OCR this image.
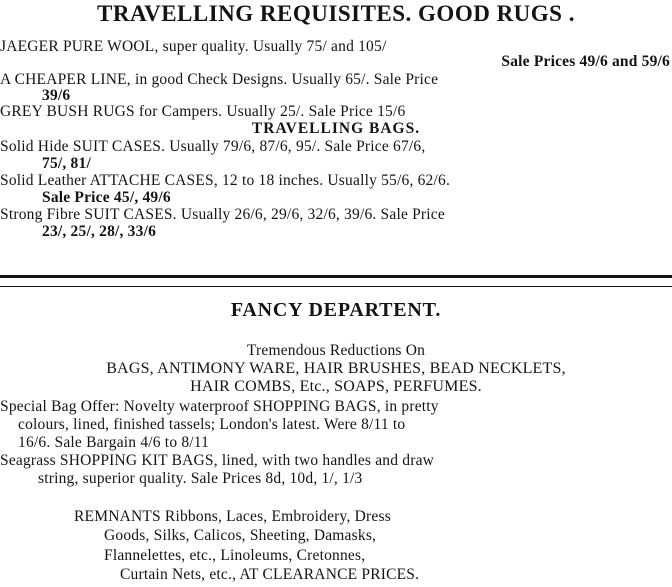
TRAVELLING REQUISITES. GOOD RUGS .
JAEGER PURE WOOL, super quality. Usually 75/ and 105/
Sale Prices 49/6 and 59/6
A CHEAPER LINE, in good Check Designs. Usually 65/. Sale Price
39/6
GREY BUSH RUGS for Campers. Usually 25/. Sale Price 15/6
TRAVELLING BAGS.
Solid Hide SUIT CASES. Usually 79/6, 87/6, 95/. Sale Price 67/6,
75/, 81/
Solid Leather ATTACHE CASES, 12 to 18 inches. Usually 55/6, 62/6.
Sale Price 45/, 49/6
Strong Fibre SUIT CASES. Usually 26/6, 29/6, 32/6, 39/6. Sale Price
23/, 25/, 28/, 33/6
FANCY DEPARTENT.
Tremendous Reductions On
BAGS, ANTIMONY WARE, HAIR BRUSHES, BEAD NECKLETS,
HAIR COMBS, Etc., SOAPS, PERFUMES.
Special Bag Offer: Novelty waterproof SHOPPING BAGS, in pretty
colours, lined, finished tassels; London's latest. Were 8/11 to
16/6. Sale Bargain 4/6 to 8/11
Seagrass SHOPPING KIT BAGS, lined, with two handles and draw
string, superior quality. Sale Prices 8d, 10d, 1/, 1/3
REMNANTS Ribbons, Laces, Embroidery, Dress
Goods, Silks, Calicos, Sheeting, Damasks,
Flannelettes, etc., Linoleums, Cretonnes,
Curtain Nets, etc., AT CLEARANCE PRICES.
